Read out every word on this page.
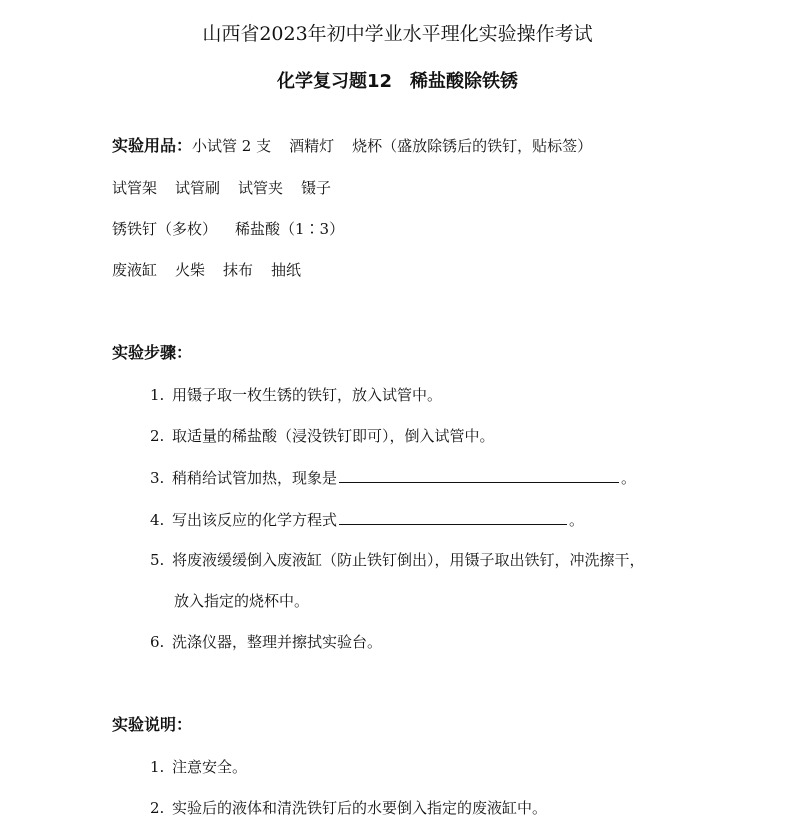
山西省2023年初中学业水平理化实验操作考试
化学复习题12　稀盐酸除铁锈
实验用品：小试管 2 支 酒精灯 烧杯（盛放除锈后的铁钉，贴标签）
试管架 试管刷 试管夹 镊子
锈铁钉（多枚） 稀盐酸（1∶3）
废液缸 火柴 抹布 抽纸
实验步骤：
1. 用镊子取一枚生锈的铁钉，放入试管中。
2. 取适量的稀盐酸（浸没铁钉即可），倒入试管中。
3. 稍稍给试管加热，现象是	。
4. 写出该反应的化学方程式	。
5. 将废液缓缓倒入废液缸（防止铁钉倒出），用镊子取出铁钉，冲洗擦干，
放入指定的烧杯中。
6. 洗涤仪器，整理并擦拭实验台。
实验说明：
1. 注意安全。
2. 实验后的液体和清洗铁钉后的水要倒入指定的废液缸中。
